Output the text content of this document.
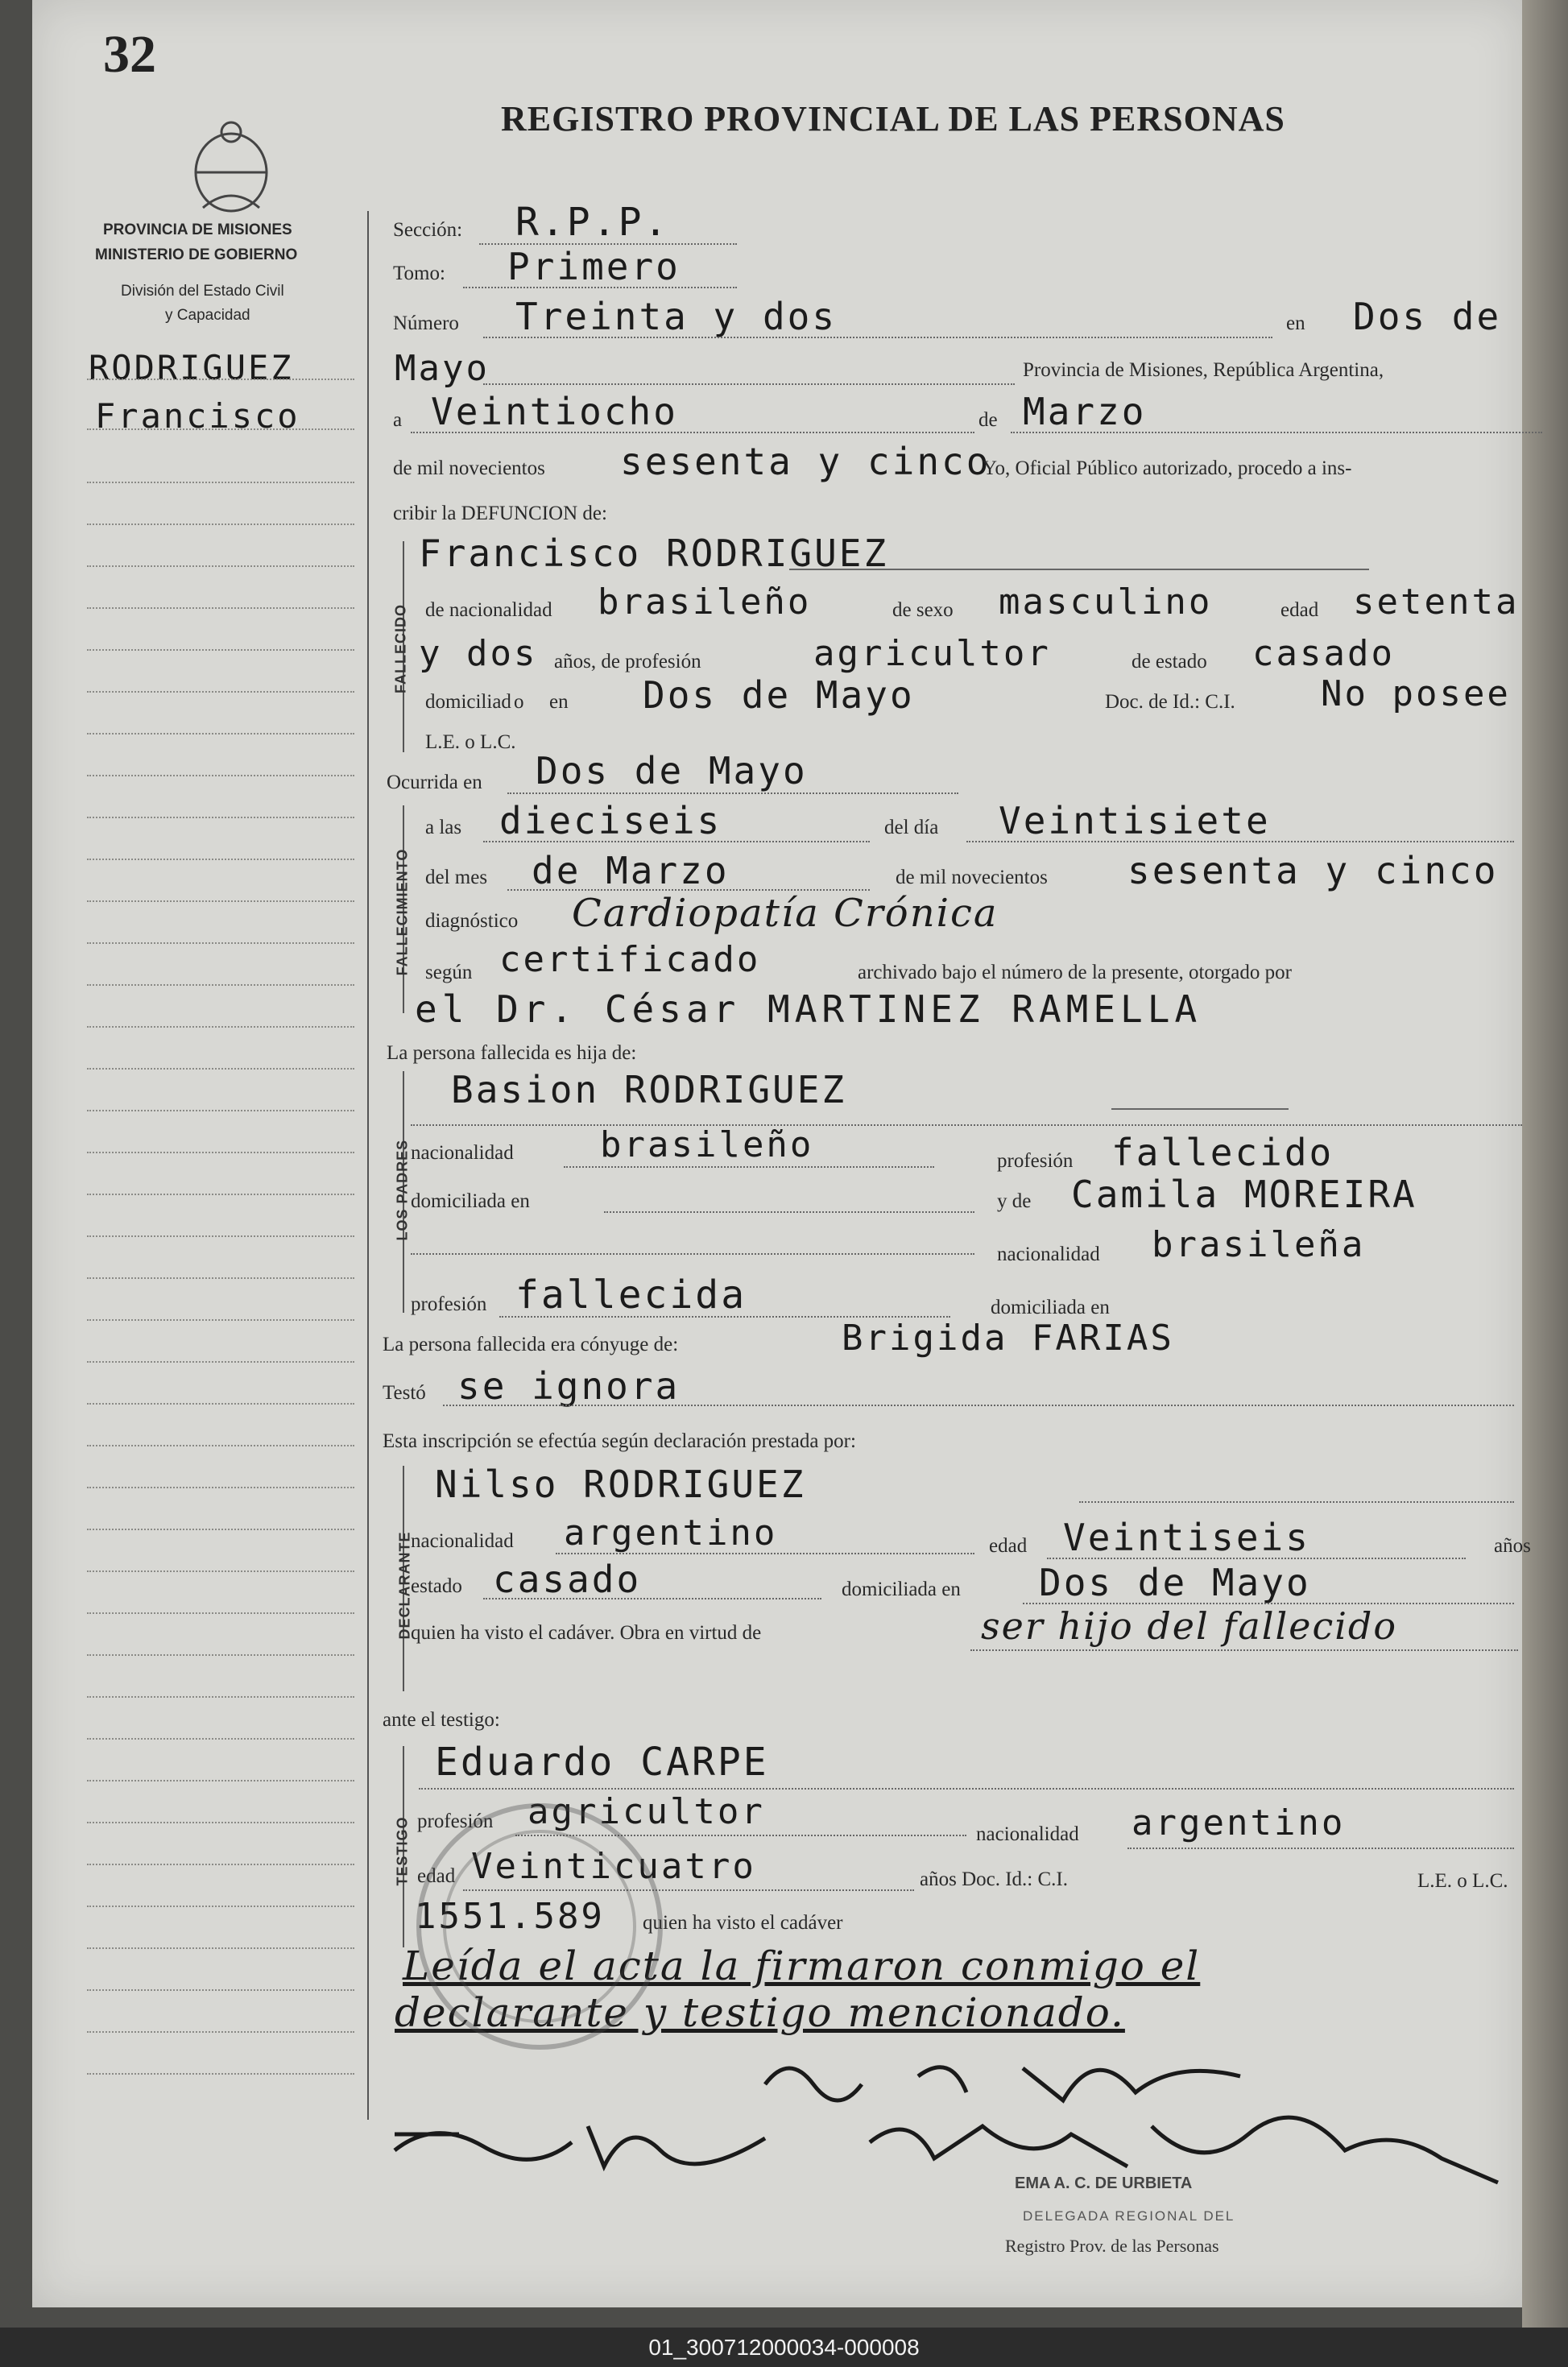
32
REGISTRO PROVINCIAL DE LAS PERSONAS
PROVINCIA DE MISIONES
MINISTERIO DE GOBIERNO
División del Estado Civil
y Capacidad
RODRIGUEZ
Francisco
Sección: R.P.P.
Tomo: Primero
Número Treinta y dos	en Dos de
Mayo	Provincia de Misiones, República Argentina,
a Veintiocho	de Marzo
de mil novecientos sesenta y cinco
Yo, Oficial Público autorizado, procedo a ins-
cribir la DEFUNCION de:
FALLECIDO
Francisco RODRIGUEZ
de nacionalidad brasileño	de sexo masculino	edad setenta
y dos años, de profesión	agricultor	de estado casado
domiciliad o en Dos de Mayo	Doc. de Id.: C.I. No posee
L.E. o L.C.
Ocurrida en Dos de Mayo
FALLECIMIENTO
a las dieciseis	del día Veintisiete
del mes de Marzo	de mil novecientos sesenta y cinco
diagnóstico Cardiopatía Crónica
según certificado	archivado bajo el número de la presente, otorgado por
el Dr. César MARTINEZ RAMELLA
La persona fallecida es hija de:
LOS PADRES
Basion RODRIGUEZ
nacionalidad brasileño	profesión fallecido
domiciliada en	y de Camila MOREIRA
nacionalidad brasileña
profesión fallecida	domiciliada en
La persona fallecida era cónyuge de:	Brigida FARIAS
Testó se ignora
Esta inscripción se efectúa según declaración prestada por:
DECLARANTE
Nilso RODRIGUEZ
nacionalidad argentino	edad Veintiseis	años
estado casado	domiciliada en Dos de Mayo
quien ha visto el cadáver. Obra en virtud de	ser hijo del fallecido
ante el testigo:
TESTIGO
Eduardo CARPE
profesión agricultor
nacionalidad argentino
edad Veinticuatro	años Doc. Id.: C.I.	L.E. o L.C.
1551.589 quien ha visto el cadáver
Leída el acta la firmaron conmigo el
declarante y testigo mencionado.
EMA A. C. DE URBIETA
DELEGADA REGIONAL DEL
Registro Prov. de las Personas
01_300712000034-000008
